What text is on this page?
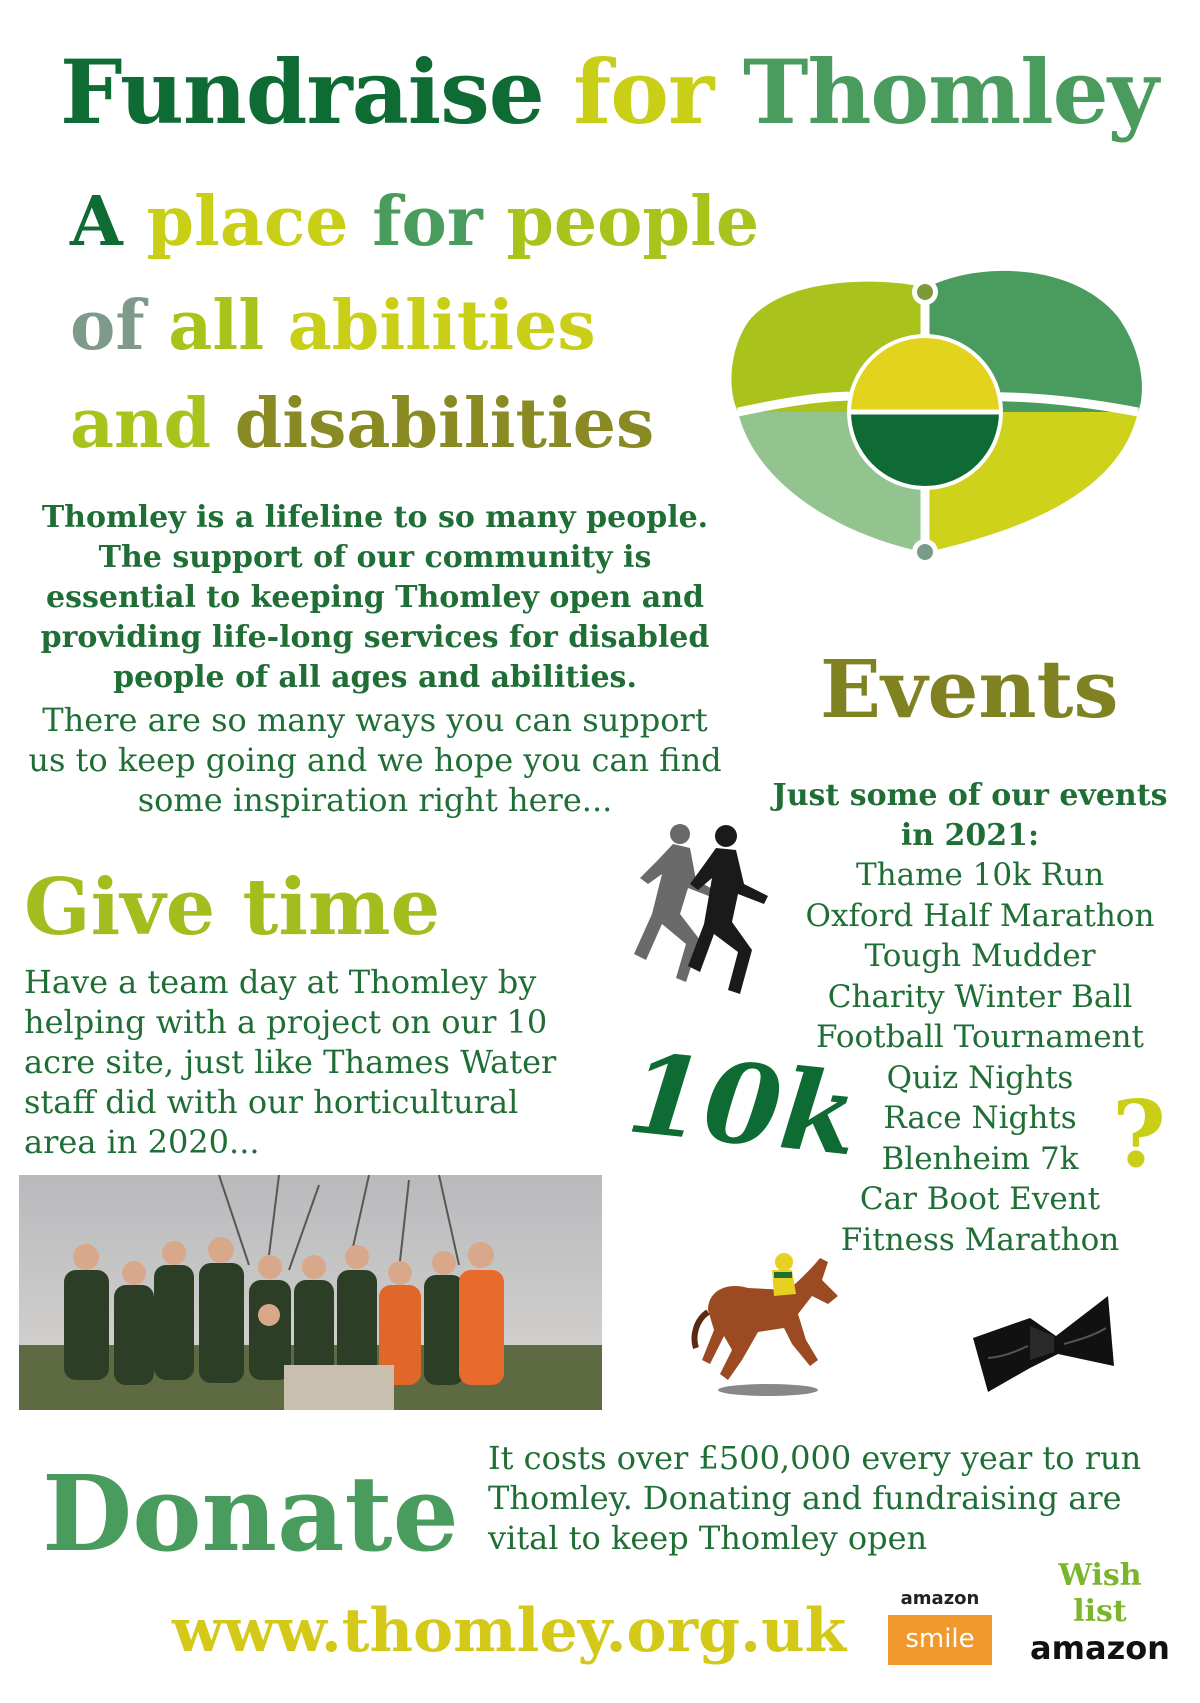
Fundraise for Thomley
A place for people
of all abilities
and disabilities
Thomley is a lifeline to so many people. The support of our community is essential to keeping Thomley open and providing life-long services for disabled people of all ages and abilities.
There are so many ways you can support us to keep going and we hope you can find some inspiration right here...
Give time
Have a team day at Thomley by helping with a project on our 10 acre site, just like Thames Water staff did with our horticultural area in 2020...
Events
Just some of our events in 2021:
Thame 10k Run
Oxford Half Marathon
Tough Mudder
Charity Winter Ball
Football Tournament
Quiz Nights
Race Nights
Blenheim 7k
Car Boot Event
Fitness Marathon
10k	?
Donate It costs over £500,000 every year to run Thomley. Donating and fundraising are vital to keep Thomley open
www.thomley.org.uk	amazon
smile
Wish
list
amazon
